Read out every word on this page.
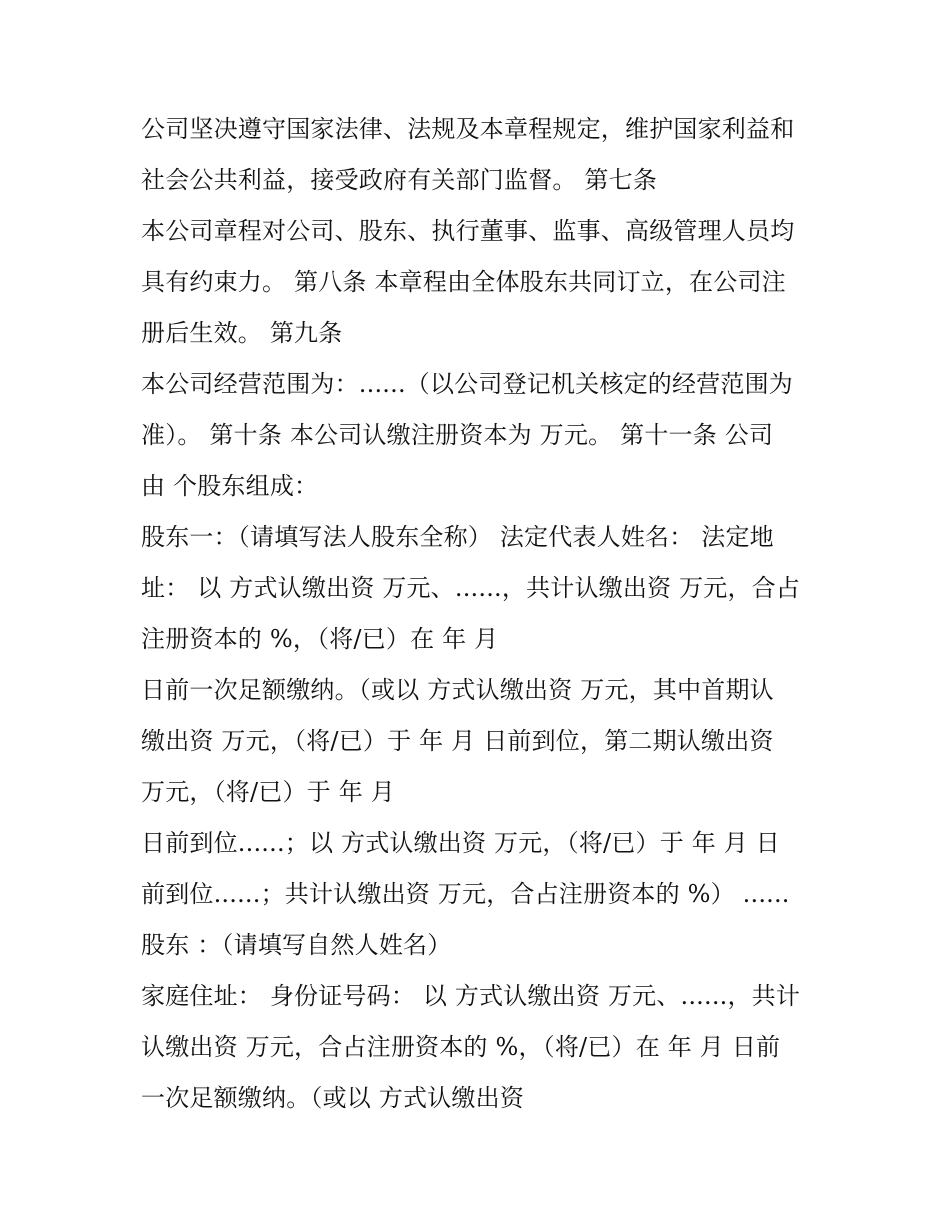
公司坚决遵守国家法律、法规及本章程规定，维护国家利益和
社会公共利益，接受政府有关部门监督。 第七条
本公司章程对公司、股东、执行董事、监事、高级管理人员均
具有约束力。 第八条 本章程由全体股东共同订立，在公司注
册后生效。 第九条
本公司经营范围为：......（以公司登记机关核定的经营范围为
准）。 第十条 本公司认缴注册资本为 万元。 第十一条 公司
由 个股东组成：
股东一：（请填写法人股东全称） 法定代表人姓名： 法定地
址： 以 方式认缴出资 万元、......，共计认缴出资 万元，合占
注册资本的 %，（将/已）在 年 月
日前一次足额缴纳。（或以 方式认缴出资 万元，其中首期认
缴出资 万元，（将/已）于 年 月 日前到位，第二期认缴出资
万元，（将/已）于 年 月
日前到位......；以 方式认缴出资 万元，（将/已）于 年 月 日
前到位......；共计认缴出资 万元，合占注册资本的 %） ......
股东 ：（请填写自然人姓名）
家庭住址： 身份证号码： 以 方式认缴出资 万元、......，共计
认缴出资 万元，合占注册资本的 %，（将/已）在 年 月 日前
一次足额缴纳。（或以 方式认缴出资
